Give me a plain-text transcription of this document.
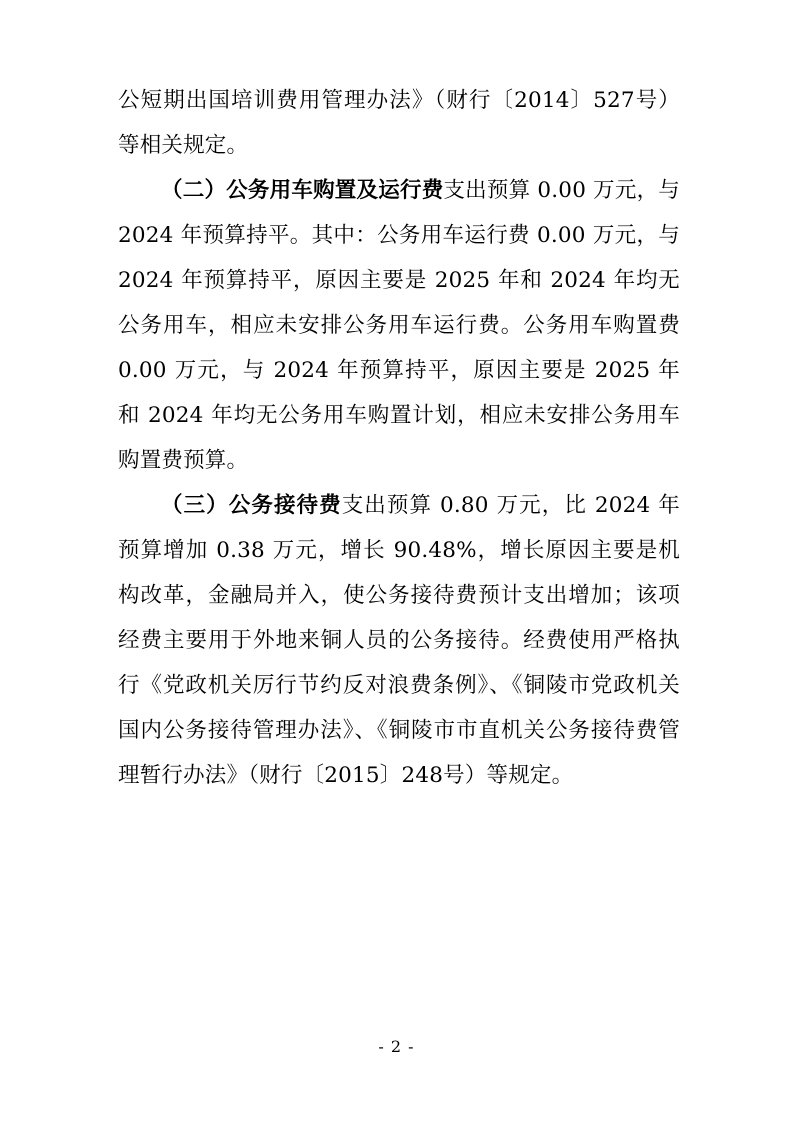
公短期出国培训费用管理办法》（财行〔2014〕527号）等相关规定。

（二）公务用车购置及运行费支出预算 0.00 万元，与 2024 年预算持平。其中：公务用车运行费 0.00 万元，与 2024 年预算持平，原因主要是 2025 年和 2024 年均无公务用车，相应未安排公务用车运行费。公务用车购置费 0.00 万元，与 2024 年预算持平，原因主要是 2025 年和 2024 年均无公务用车购置计划，相应未安排公务用车购置费预算。

（三）公务接待费支出预算 0.80 万元，比 2024 年预算增加 0.38 万元，增长 90.48%，增长原因主要是机构改革，金融局并入，使公务接待费预计支出增加；该项经费主要用于外地来铜人员的公务接待。经费使用严格执行《党政机关厉行节约反对浪费条例》、《铜陵市党政机关国内公务接待管理办法》、《铜陵市市直机关公务接待费管理暂行办法》（财行〔2015〕248号）等规定。

- 2 -
